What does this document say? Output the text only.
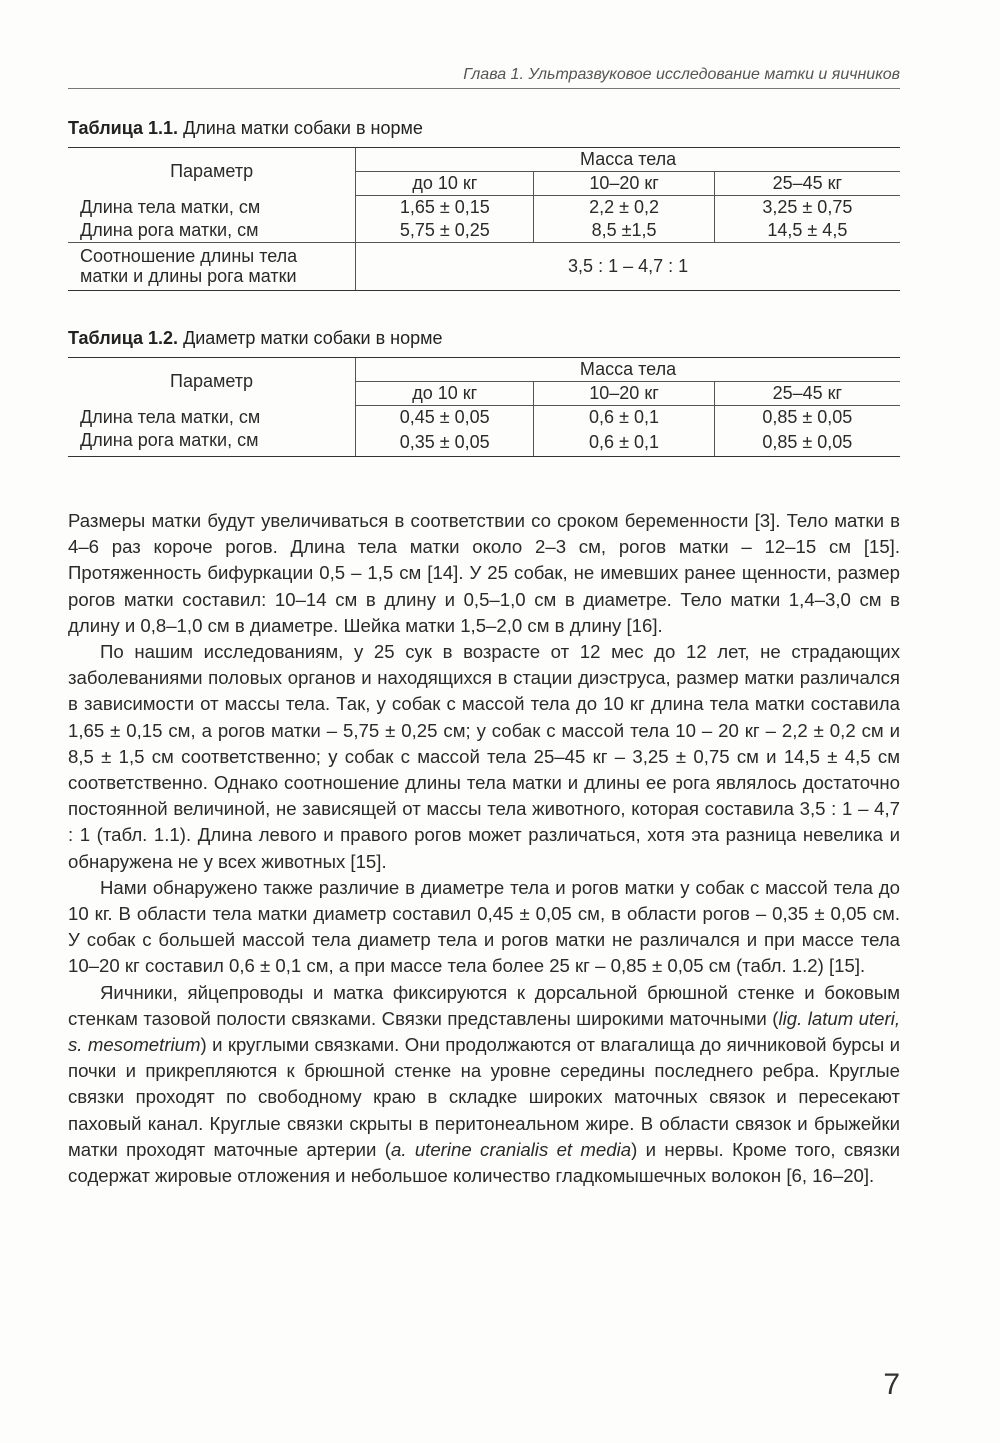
Глава 1. Ультразвуковое исследование матки и яичников
Таблица 1.1. Длина матки собаки в норме
Параметр	Масса тела		
	до 10 кг	10–20 кг	25–45 кг
Длина тела матки, см	1,65 ± 0,15	2,2 ± 0,2	3,25 ± 0,75
Длина рога матки, см	5,75 ± 0,25	8,5 ±1,5	14,5 ± 4,5
Соотношение длины тела
матки и длины рога матки	3,5 : 1 – 4,7 : 1		
Таблица 1.2. Диаметр матки собаки в норме
Параметр	Масса тела		
	до 10 кг	10–20 кг	25–45 кг
Длина тела матки, см	0,45 ± 0,05	0,6 ± 0,1	0,85 ± 0,05
Длина рога матки, см	0,35 ± 0,05	0,6 ± 0,1	0,85 ± 0,05

Размеры матки будут увеличиваться в соответствии со сроком беременности [3]. Тело матки в 4–6 раз короче рогов. Длина тела матки около 2–3 см, рогов матки – 12–15 см [15]. Протяженность бифуркации 0,5 – 1,5 см [14]. У 25 собак, не имевших ранее щенности, размер рогов матки составил: 10–14 см в длину и 0,5–1,0 см в диаметре. Тело матки 1,4–3,0 см в длину и 0,8–1,0 см в диаметре. Шейка матки 1,5–2,0 см в длину [16].

По нашим исследованиям, у 25 сук в возрасте от 12 мес до 12 лет, не страдающих заболеваниями половых органов и находящихся в стации диэструса, размер матки различался в зависимости от массы тела. Так, у собак с массой тела до 10 кг длина тела матки составила 1,65 ± 0,15 см, а рогов матки – 5,75 ± 0,25 см; у собак с массой тела 10 – 20 кг – 2,2 ± 0,2 см и 8,5 ± 1,5 см соответственно; у собак с массой тела 25–45 кг – 3,25 ± 0,75 см и 14,5 ± 4,5 см соответственно. Однако соотношение длины тела матки и длины ее рога являлось достаточно постоянной величиной, не зависящей от массы тела животного, которая составила 3,5 : 1 – 4,7 : 1 (табл. 1.1). Длина левого и правого рогов может различаться, хотя эта разница невелика и обнаружена не у всех животных [15].

Нами обнаружено также различие в диаметре тела и рогов матки у собак с массой тела до 10 кг. В области тела матки диаметр составил 0,45 ± 0,05 см, в области рогов – 0,35 ± 0,05 см. У собак с большей массой тела диаметр тела и рогов матки не различался и при массе тела 10–20 кг составил 0,6 ± 0,1 см, а при массе тела более 25 кг – 0,85 ± 0,05 см (табл. 1.2) [15].

Яичники, яйцепроводы и матка фиксируются к дорсальной брюшной стенке и боковым стенкам тазовой полости связками. Связки представлены широкими маточными (lig. latum uteri, s. mesometrium) и круглыми связками. Они продолжаются от влагалища до яичниковой бурсы и почки и прикрепляются к брюшной стенке на уровне середины последнего ребра. Круглые связки проходят по свободному краю в складке широких маточных связок и пересекают паховый канал. Круглые связки скрыты в перитонеальном жире. В области связок и брыжейки матки проходят маточные артерии (a. uterine cranialis et media) и нервы. Кроме того, связки содержат жировые отложения и небольшое количество гладкомышечных волокон [6, 16–20].

7
